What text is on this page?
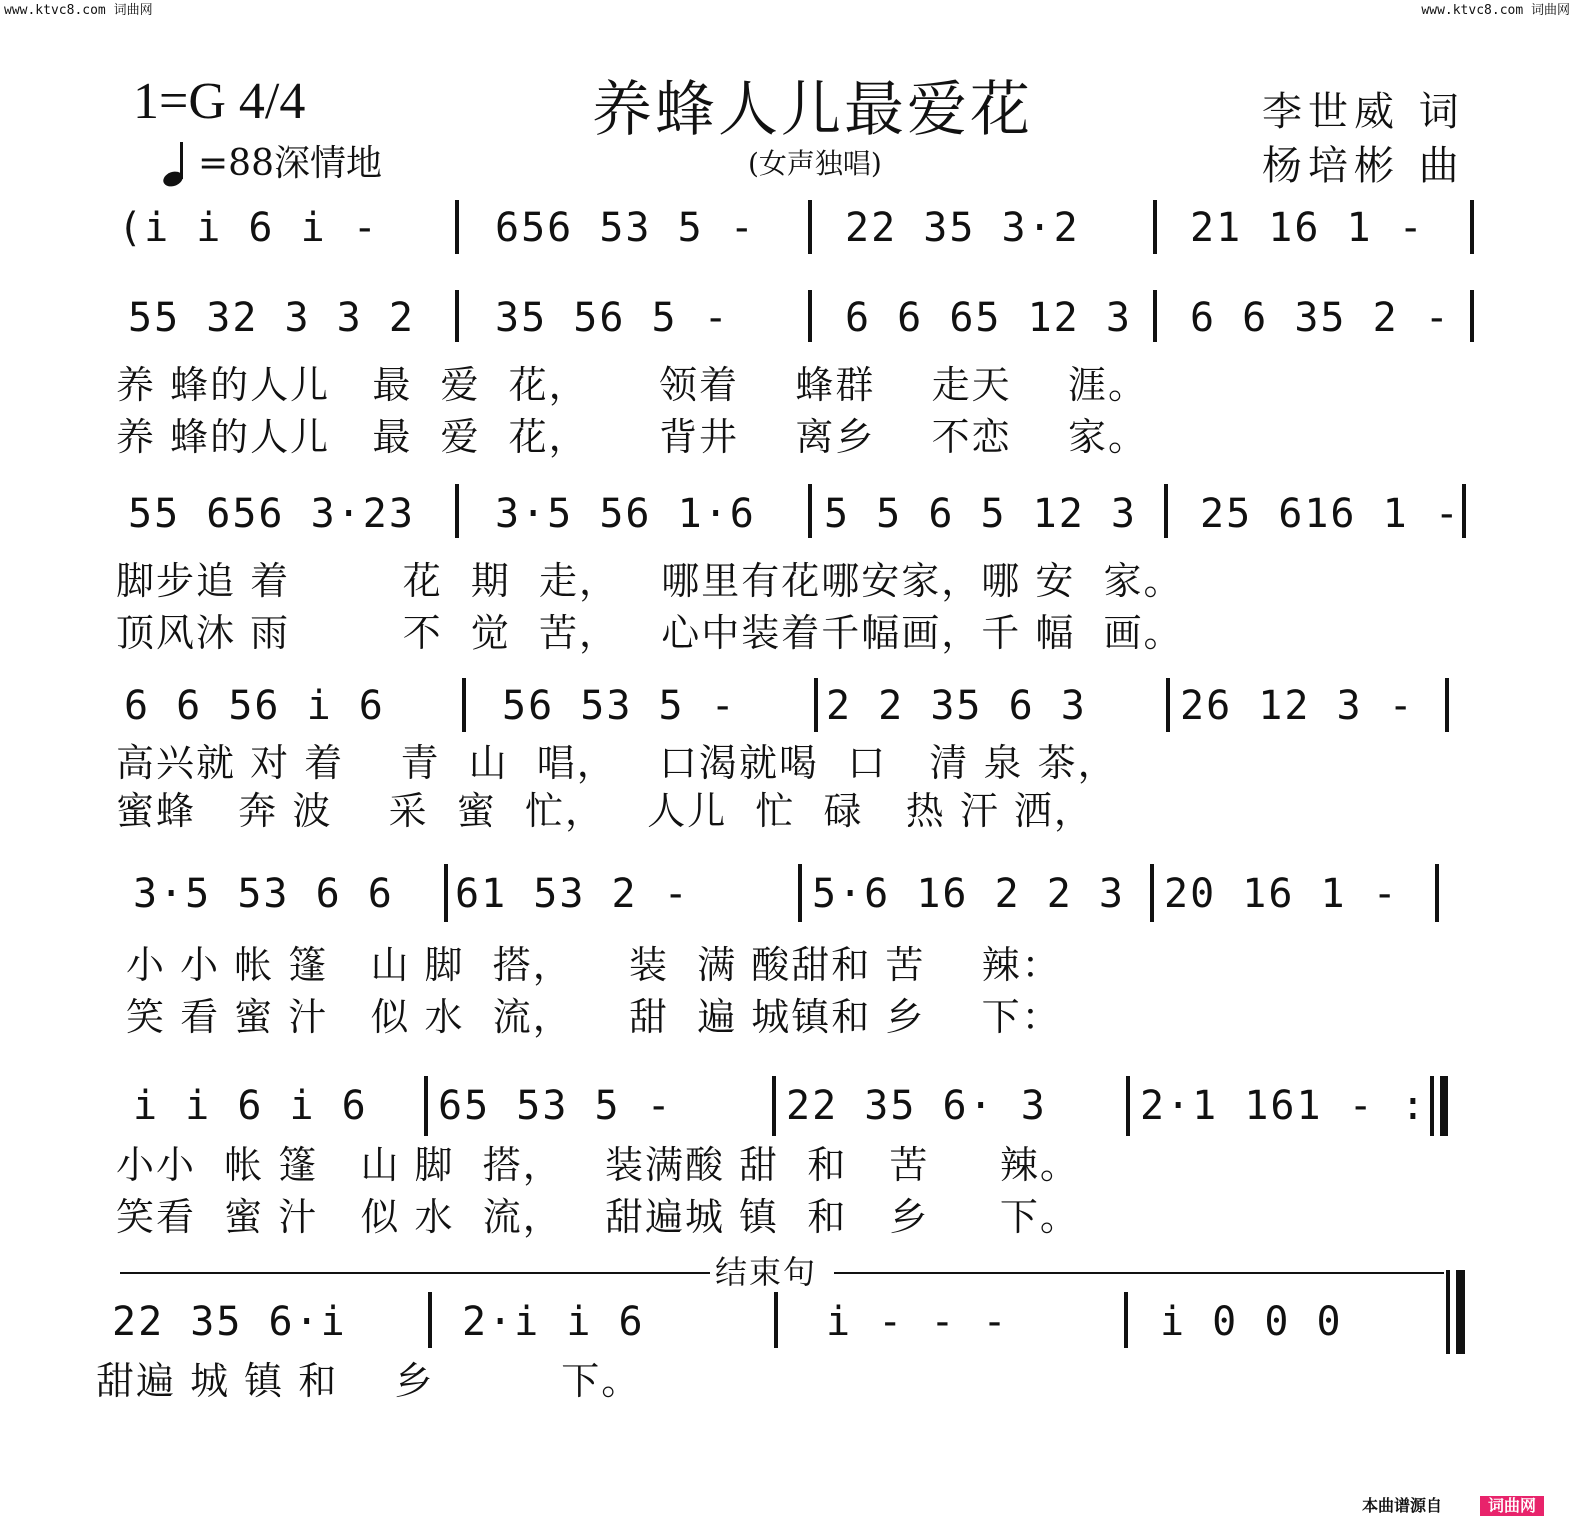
www.ktvc8.com 词曲网	www.ktvc8.com 词曲网
1=G 4/4
=88深情地
养蜂人儿最爱花
(女声独唱)
李世威 词
杨培彬 曲
(i i 6 i -	656 53 5 - 22 35 3·2	21 16 1 -
55 32 3 3 2 35 56 5 -	6 6 65 12 3 6 6 35 2 -
养 蜂的人儿   最  爱  花，     领着    蜂群    走天    涯。
养 蜂的人儿   最  爱  花，     背井    离乡    不恋    家。
55 656 3·23 3·5 56 1·6 5 5 6 5 12 3 25 616 1 -
脚步追 着        花  期  走，   哪里有花哪安家，哪 安  家。
顶风沐 雨        不  觉  苦，   心中装着千幅画，千 幅  画。
6 6 56 i 6	56 53 5 - 2 2 35 6 3 26 12 3 -
高兴就 对 着    青  山  唱，   口渴就喝  口   清 泉 茶，
蜜蜂   奔 波    采  蜜  忙，   人儿  忙  碌   热 汗 洒，
3·5 53 6 6 61 53 2 -	5·6 16 2 2 3 20 16 1 -
小 小 帐 篷   山 脚  搭，    装  满 酸甜和 苦    辣：
笑 看 蜜 汁   似 水  流，    甜  遍 城镇和 乡    下：
i i 6 i 6 65 53 5 -	22 35 6· 3 2·1 161 - :
小小  帐 篷   山 脚  搭，   装满酸 甜  和   苦     辣。
笑看  蜜 汁   似 水  流，   甜遍城 镇  和   乡     下。
结束句
22 35 6·i	2·i i 6	i - - -	i 0 0 0
甜遍 城 镇 和    乡         下。
本曲谱源自	词曲网
